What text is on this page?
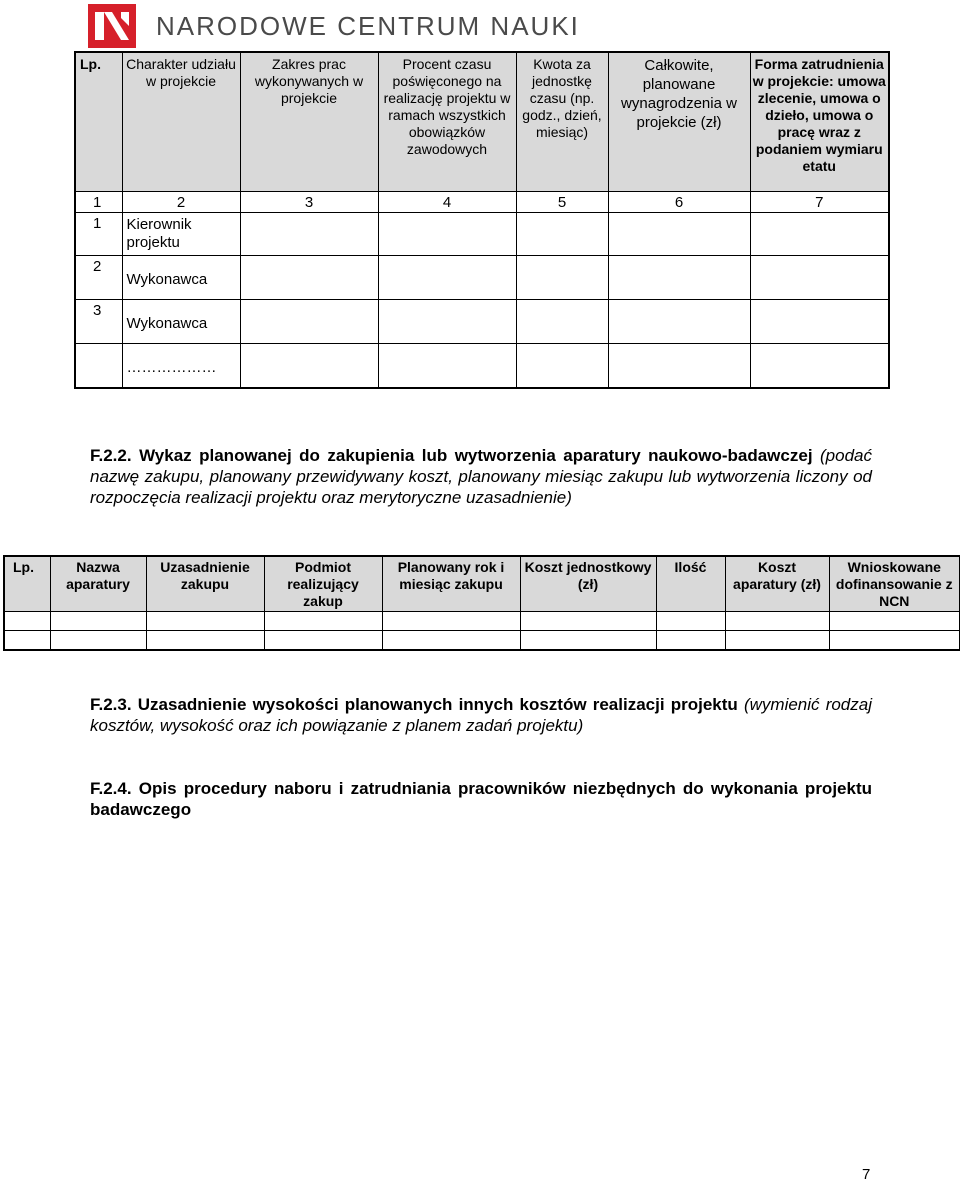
NARODOWE CENTRUM NAUKI
Lp.	Charakter udziału w projekcie	Zakres prac wykonywanych w projekcie	Procent czasu poświęconego na realizację projektu w ramach wszystkich obowiązków zawodowych	Kwota za jednostkę czasu (np. godz., dzień, miesiąc)	Całkowite, planowane wynagrodzenia w projekcie (zł)	Forma zatrudnienia w projekcie: umowa zlecenie, umowa o dzieło, umowa o pracę wraz z podaniem wymiaru etatu
1	2	3	4	5	6	7
1	Kierownik projektu					
2	Wykonawca					
3	Wykonawca					
	………………					
F.2.2. Wykaz planowanej do zakupienia lub wytworzenia aparatury naukowo-badawczej (podać nazwę zakupu, planowany przewidywany koszt, planowany miesiąc zakupu lub wytworzenia liczony od rozpoczęcia realizacji projektu oraz merytoryczne uzasadnienie)
Lp.	Nazwa aparatury	Uzasadnienie zakupu	Podmiot realizujący zakup	Planowany rok i miesiąc zakupu	Koszt jednostkowy (zł)	Ilość	Koszt aparatury (zł)	Wnioskowane dofinansowanie z NCN

F.2.3. Uzasadnienie wysokości planowanych innych kosztów realizacji projektu (wymienić rodzaj kosztów, wysokość oraz ich powiązanie z planem zadań projektu)
F.2.4. Opis procedury naboru i zatrudniania pracowników niezbędnych do wykonania projektu badawczego
7
